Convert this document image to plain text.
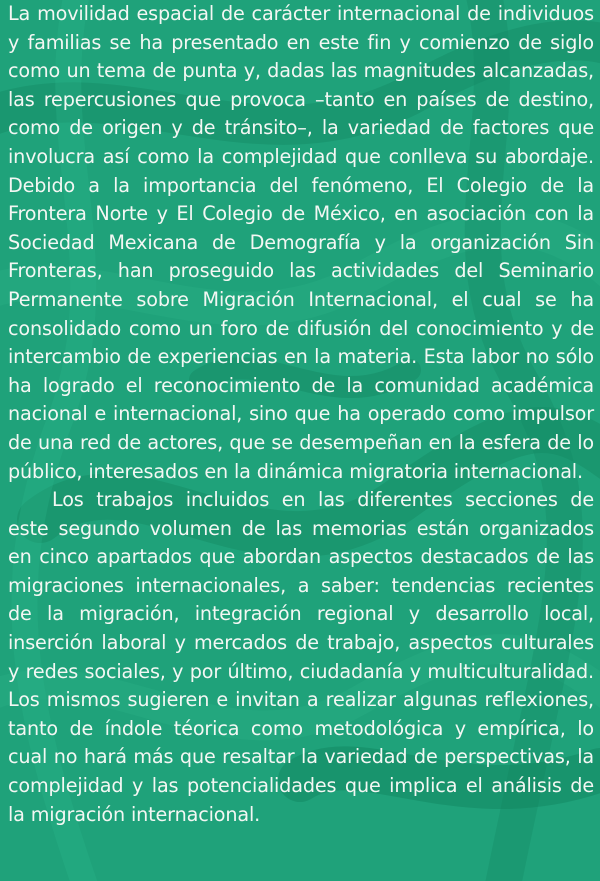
La movilidad espacial de carácter internacional de individuos y familias se ha presentado en este fin y comienzo de siglo como un tema de punta y, dadas las magnitudes alcanzadas, las repercusiones que provoca –tanto en países de destino, como de origen y de tránsito–, la variedad de factores que involucra así como la complejidad que conlleva su abordaje. Debido a la importancia del fenómeno, El Colegio de la Frontera Norte y El Colegio de México, en asociación con la Sociedad Mexicana de Demografía y la organización Sin Fronteras, han proseguido las actividades del Seminario Permanente sobre Migración Internacional, el cual se ha consolidado como un foro de difusión del conocimiento y de intercambio de experiencias en la materia. Esta labor no sólo ha logrado el reconocimiento de la comunidad académica nacional e internacional, sino que ha operado como impulsor de una red de actores, que se desempeñan en la esfera de lo público, interesados en la dinámica migratoria internacional.

Los trabajos incluidos en las diferentes secciones de este segundo volumen de las memorias están organizados en cinco apartados que abordan aspectos destacados de las migraciones internacionales, a saber: tendencias recientes de la migración, integración regional y desarrollo local, inserción laboral y mercados de trabajo, aspectos culturales y redes sociales, y por último, ciudadanía y multiculturalidad. Los mismos sugieren e invitan a realizar algunas reflexiones, tanto de índole téorica como metodológica y empírica, lo cual no hará más que resaltar la variedad de perspectivas, la complejidad y las potencialidades que implica el análisis de la migración internacional.
